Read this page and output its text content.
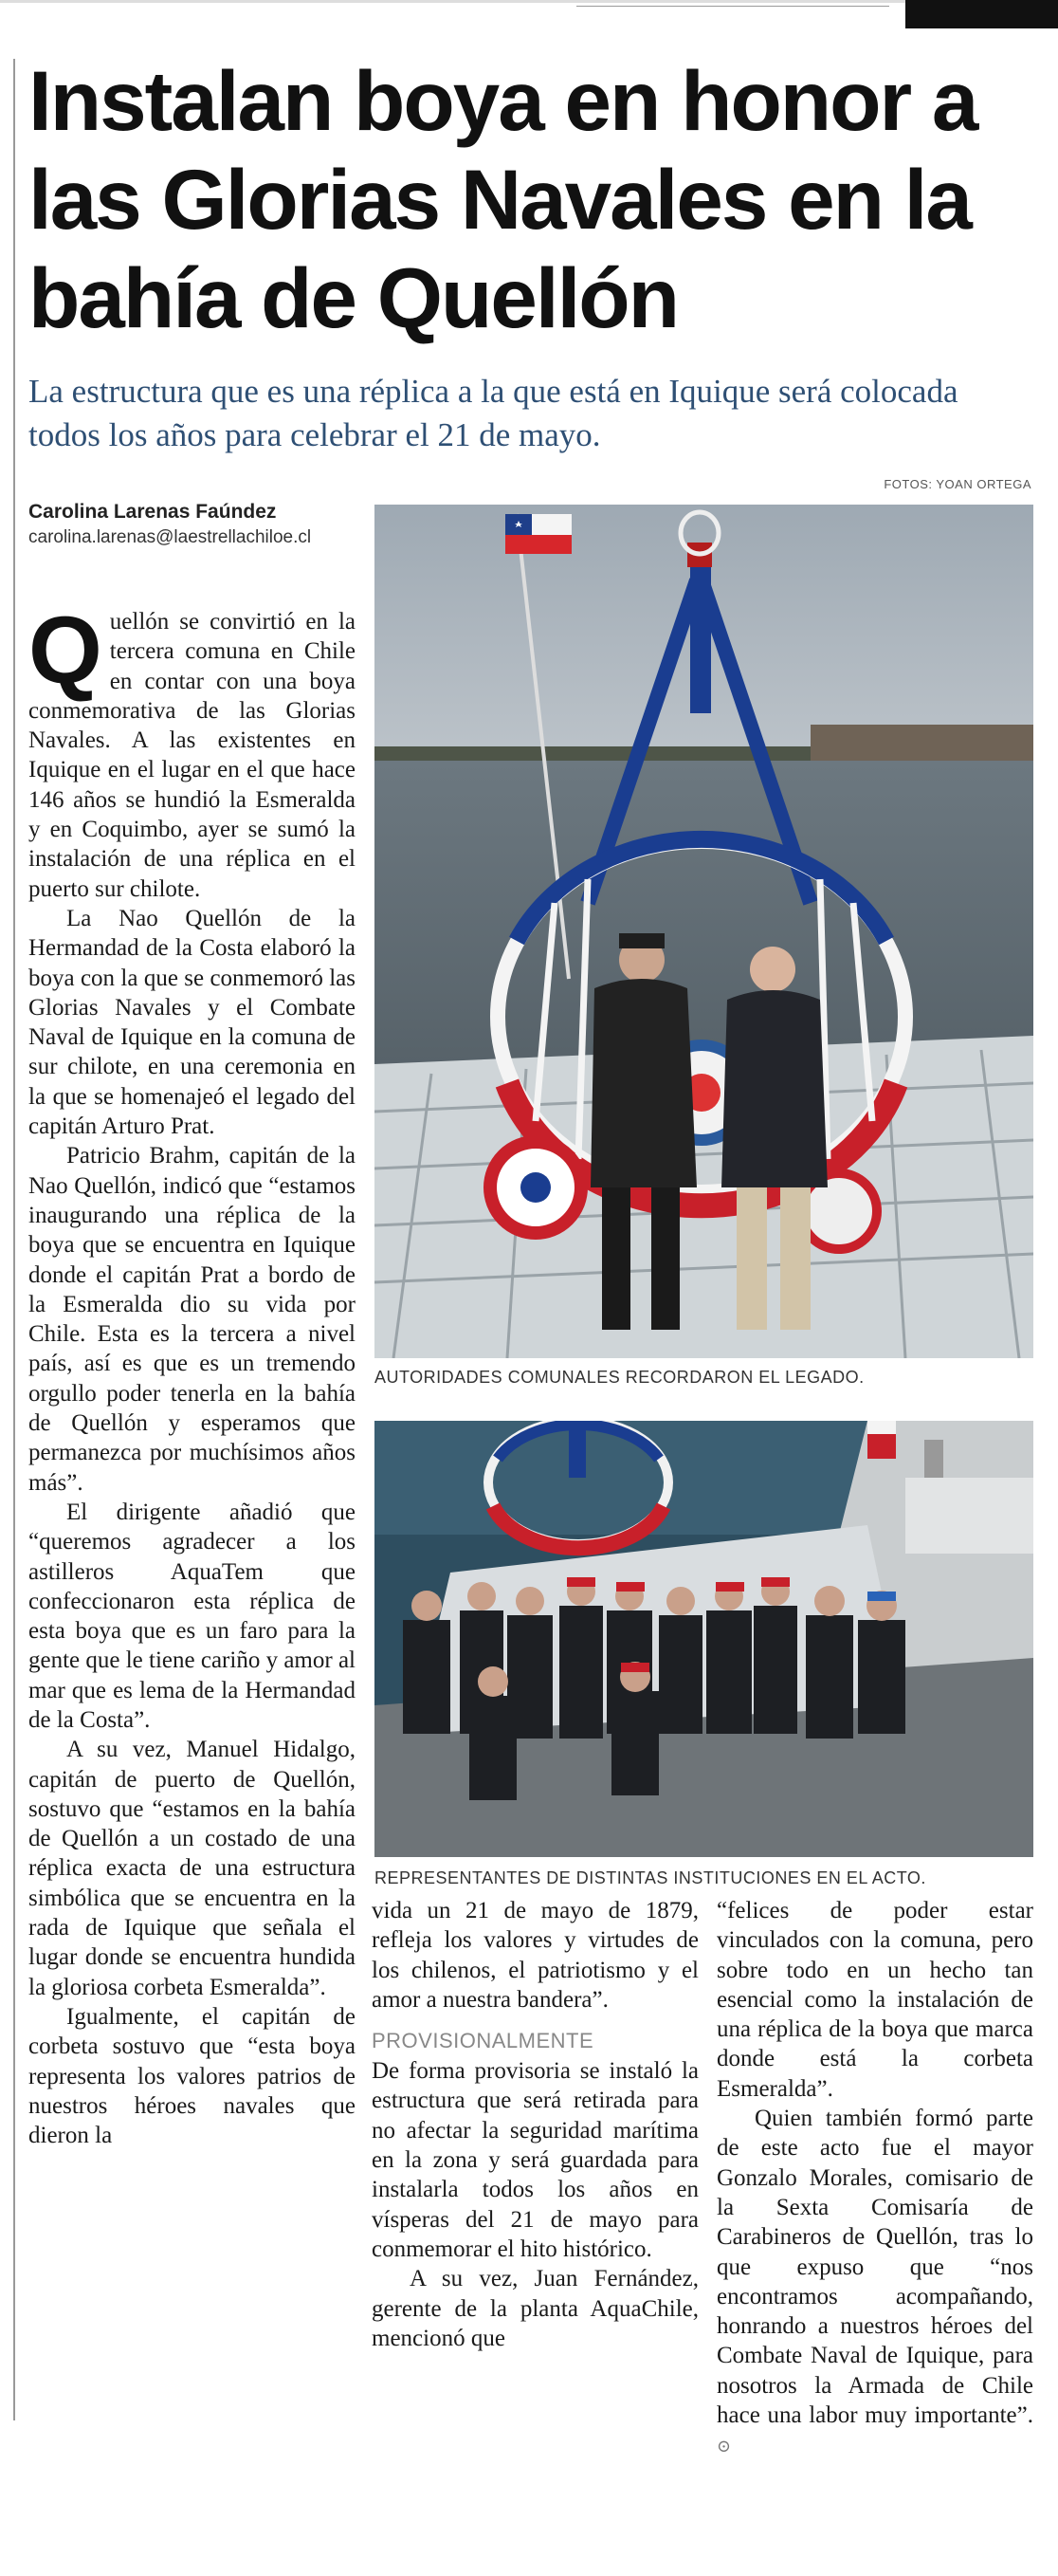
Instalan boya en honor a las Glorias Navales en la bahía de Quellón

La estructura que es una réplica a la que está en Iquique será colocada todos los años para celebrar el 21 de mayo.

FOTOS: YOAN ORTEGA
Carolina Larenas Faúndez
carolina.larenas@laestrellachiloe.cl
AUTORIDADES COMUNALES RECORDARON EL LEGADO.
REPRESENTANTES DE DISTINTAS INSTITUCIONES EN EL ACTO.

Quellón se convirtió en la tercera comuna en Chile en contar con una boya conmemorativa de las Glorias Navales. A las existentes en Iquique en el lugar en el que hace 146 años se hundió la Esmeralda y en Coquimbo, ayer se sumó la instalación de una réplica en el puerto sur chilote.

La Nao Quellón de la Hermandad de la Costa elaboró la boya con la que se conmemoró las Glorias Navales y el Combate Naval de Iquique en la comuna de sur chilote, en una ceremonia en la que se homenajeó el legado del capitán Arturo Prat.

Patricio Brahm, capitán de la Nao Quellón, indicó que “estamos inaugurando una réplica de la boya que se encuentra en Iquique donde el capitán Prat a bordo de la Esmeralda dio su vida por Chile. Esta es la tercera a nivel país, así es que es un tremendo orgullo poder tenerla en la bahía de Quellón y esperamos que permanezca por muchísimos años más”.

El dirigente añadió que “queremos agradecer a los astilleros AquaTem que confeccionaron esta réplica de esta boya que es un faro para la gente que le tiene cariño y amor al mar que es lema de la Hermandad de la Costa”.

A su vez, Manuel Hidalgo, capitán de puerto de Quellón, sostuvo que “estamos en la bahía de Quellón a un costado de una réplica exacta de una estructura simbólica que se encuentra en la rada de Iquique que señala el lugar donde se encuentra hundida la gloriosa corbeta Esmeralda”.

Igualmente, el capitán de corbeta sostuvo que “esta boya representa los valores patrios de nuestros héroes navales que dieron la

vida un 21 de mayo de 1879, refleja los valores y virtudes de los chilenos, el patriotismo y el amor a nuestra bandera”.

PROVISIONALMENTE

De forma provisoria se instaló la estructura que será retirada para no afectar la seguridad marítima en la zona y será guardada para instalarla todos los años en vísperas del 21 de mayo para conmemorar el hito histórico.

A su vez, Juan Fernández, gerente de la planta AquaChile, mencionó que

“felices de poder estar vinculados con la comuna, pero sobre todo en un hecho tan esencial como la instalación de una réplica de la boya que marca donde está la corbeta Esmeralda”.

Quien también formó parte de este acto fue el mayor Gonzalo Morales, comisario de la Sexta Comisaría de Carabineros de Quellón, tras lo que expuso que “nos encontramos acompañando, honrando a nuestros héroes del Combate Naval de Iquique, para nosotros la Armada de Chile hace una labor muy importante”. ⊙
